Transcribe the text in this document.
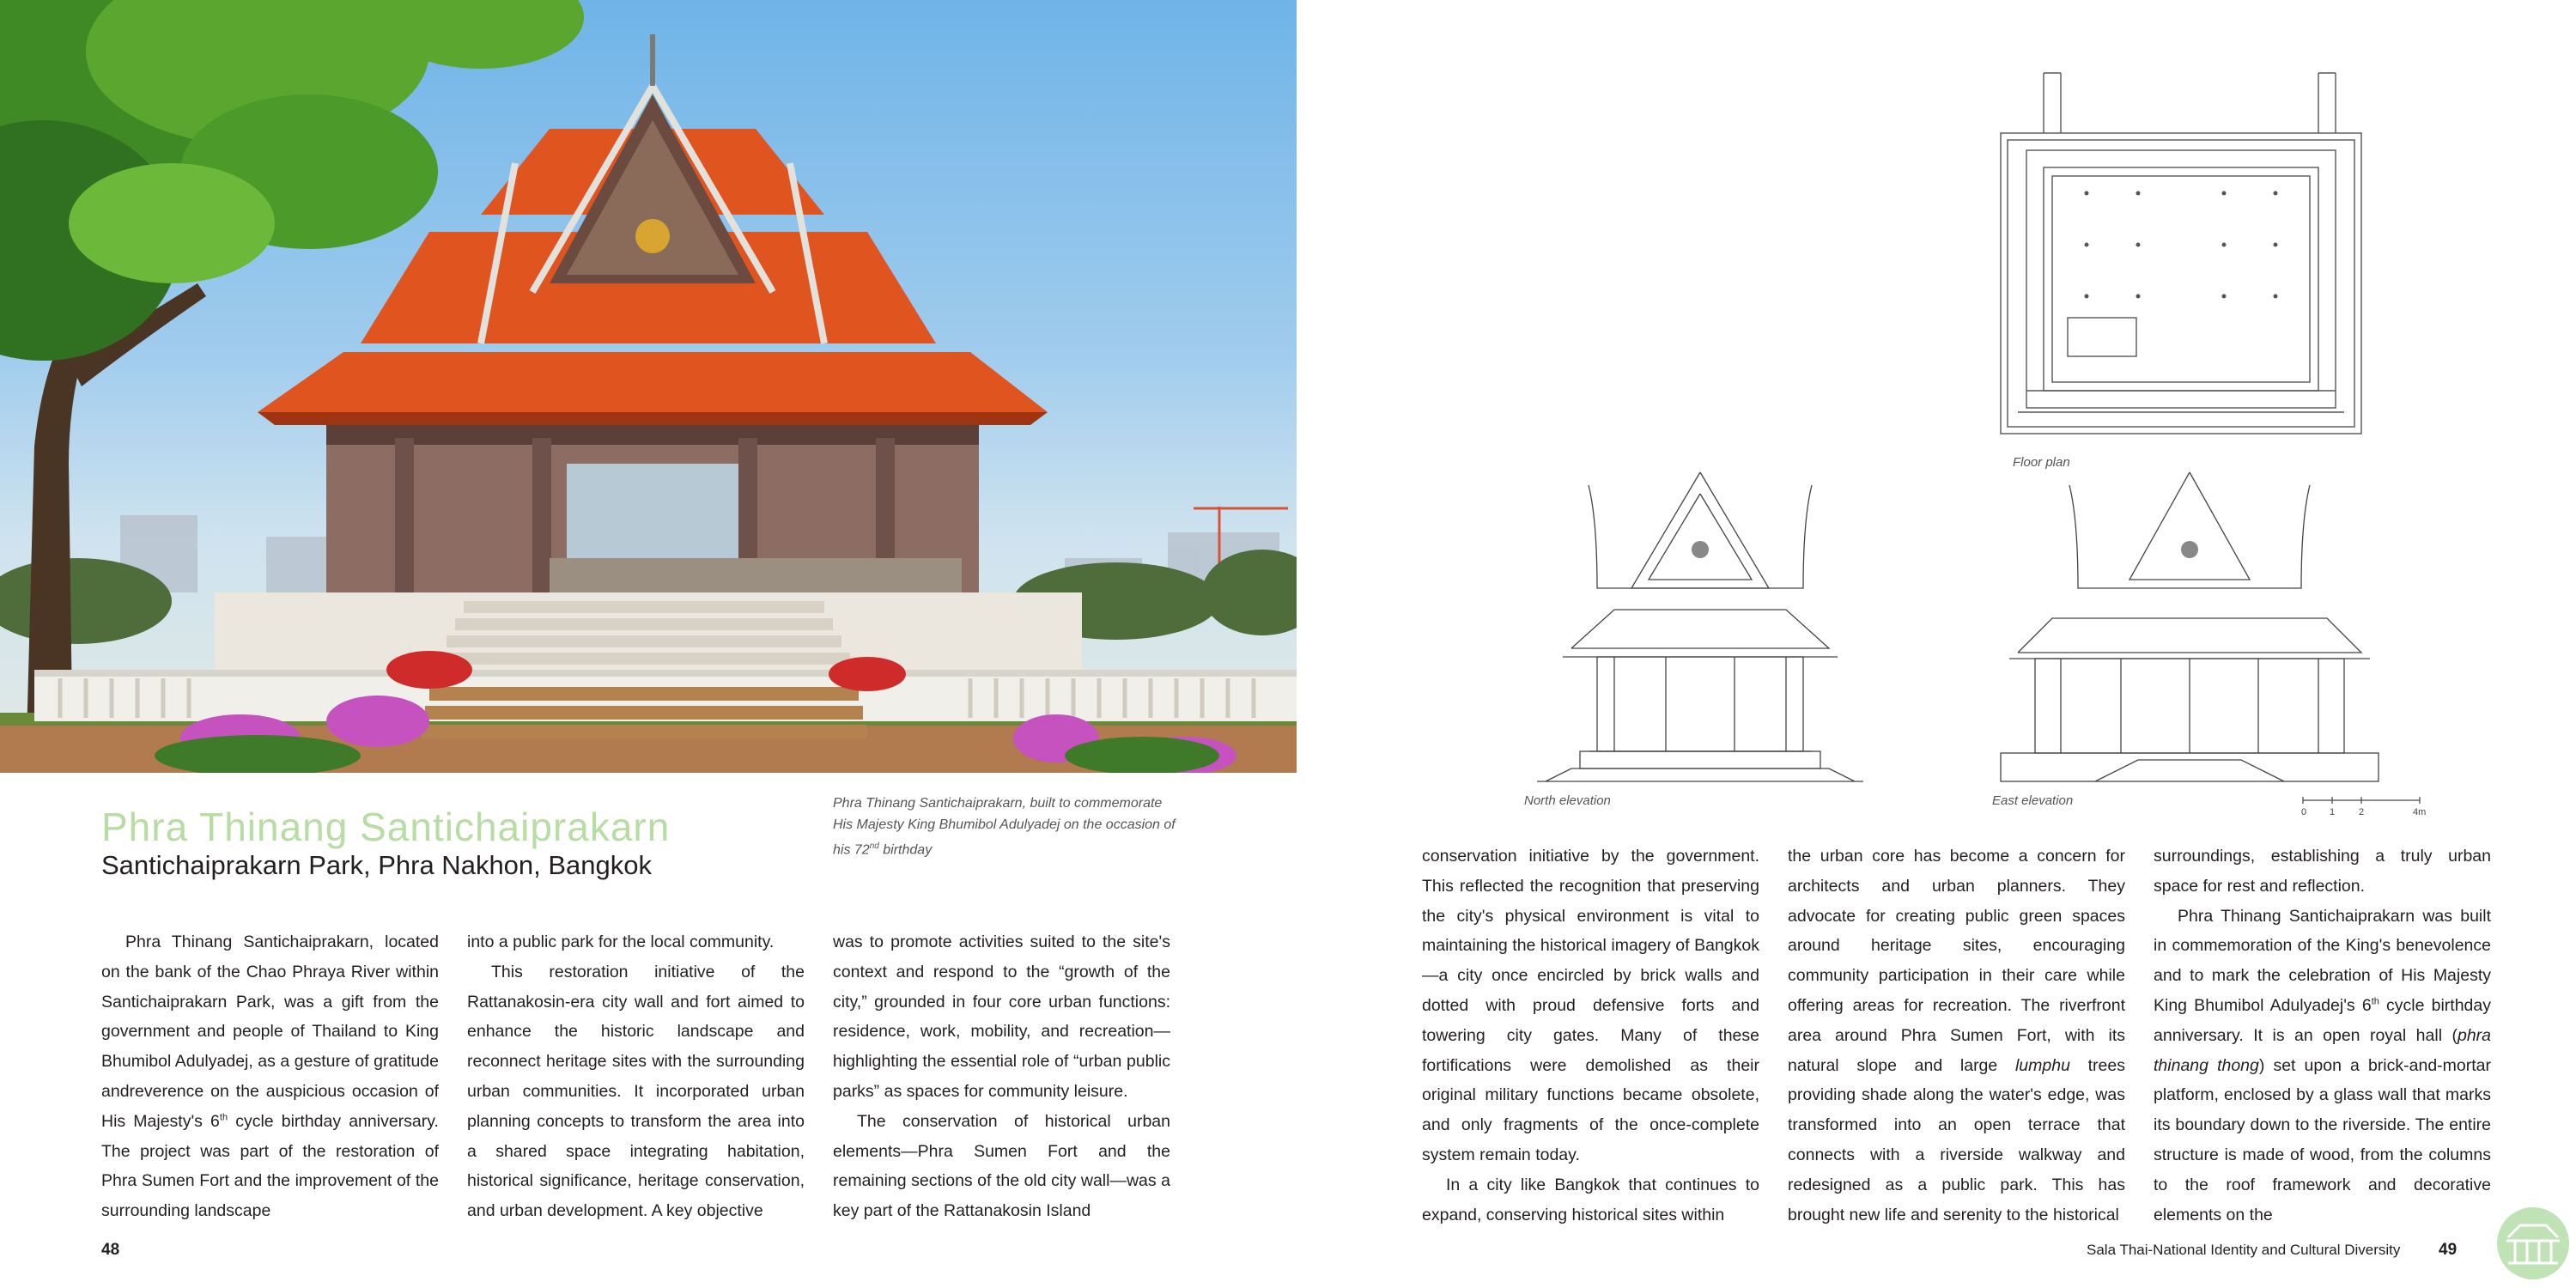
Phra Thinang Santichaiprakarn
Santichaiprakarn Park, Phra Nakhon, Bangkok
Phra Thinang Santichaiprakarn, built to commemorate His Majesty King Bhumibol Adulyadej on the occasion of his 72nd birthday

Phra Thinang Santichaiprakarn, located on the bank of the Chao Phraya River within Santichaiprakarn Park, was a gift from the government and people of Thailand to King Bhumibol Adulyadej, as a gesture of gratitude andreverence on the auspicious occasion of His Majesty's 6th cycle birthday anniversary. The project was part of the restoration of Phra Sumen Fort and the improvement of the surrounding landscape

into a public park for the local community.

This restoration initiative of the Rattanakosin-era city wall and fort aimed to enhance the historic landscape and reconnect heritage sites with the surrounding urban communities. It incorporated urban planning concepts to transform the area into a shared space integrating habitation, historical significance, heritage conservation, and urban development. A key objective

was to promote activities suited to the site's context and respond to the “growth of the city,” grounded in four core urban functions: residence, work, mobility, and recreation—highlighting the essential role of “urban public parks” as spaces for community leisure.

The conservation of historical urban elements—Phra Sumen Fort and the remaining sections of the old city wall—was a key part of the Rattanakosin Island

48
Floor plan
North elevation	East elevation
0 1	2	4m

conservation initiative by the government. This reflected the recognition that preserving the city's physical environment is vital to maintaining the historical imagery of Bangkok—a city once encircled by brick walls and dotted with proud defensive forts and towering city gates. Many of these fortifications were demolished as their original military functions became obsolete, and only fragments of the once-complete system remain today.

In a city like Bangkok that continues to expand, conserving historical sites within

the urban core has become a concern for architects and urban planners. They advocate for creating public green spaces around heritage sites, encouraging community participation in their care while offering areas for recreation. The riverfront area around Phra Sumen Fort, with its natural slope and large lumphu trees providing shade along the water's edge, was transformed into an open terrace that connects with a riverside walkway and redesigned as a public park. This has brought new life and serenity to the historical

surroundings, establishing a truly urban space for rest and reflection.

Phra Thinang Santichaiprakarn was built in commemoration of the King's benevolence and to mark the celebration of His Majesty King Bhumibol Adulyadej's 6th cycle birthday anniversary. It is an open royal hall (phra thinang thong) set upon a brick-and-mortar platform, enclosed by a glass wall that marks its boundary down to the riverside. The entire structure is made of wood, from the columns to the roof framework and decorative elements on the

Sala Thai-National Identity and Cultural Diversity 49
